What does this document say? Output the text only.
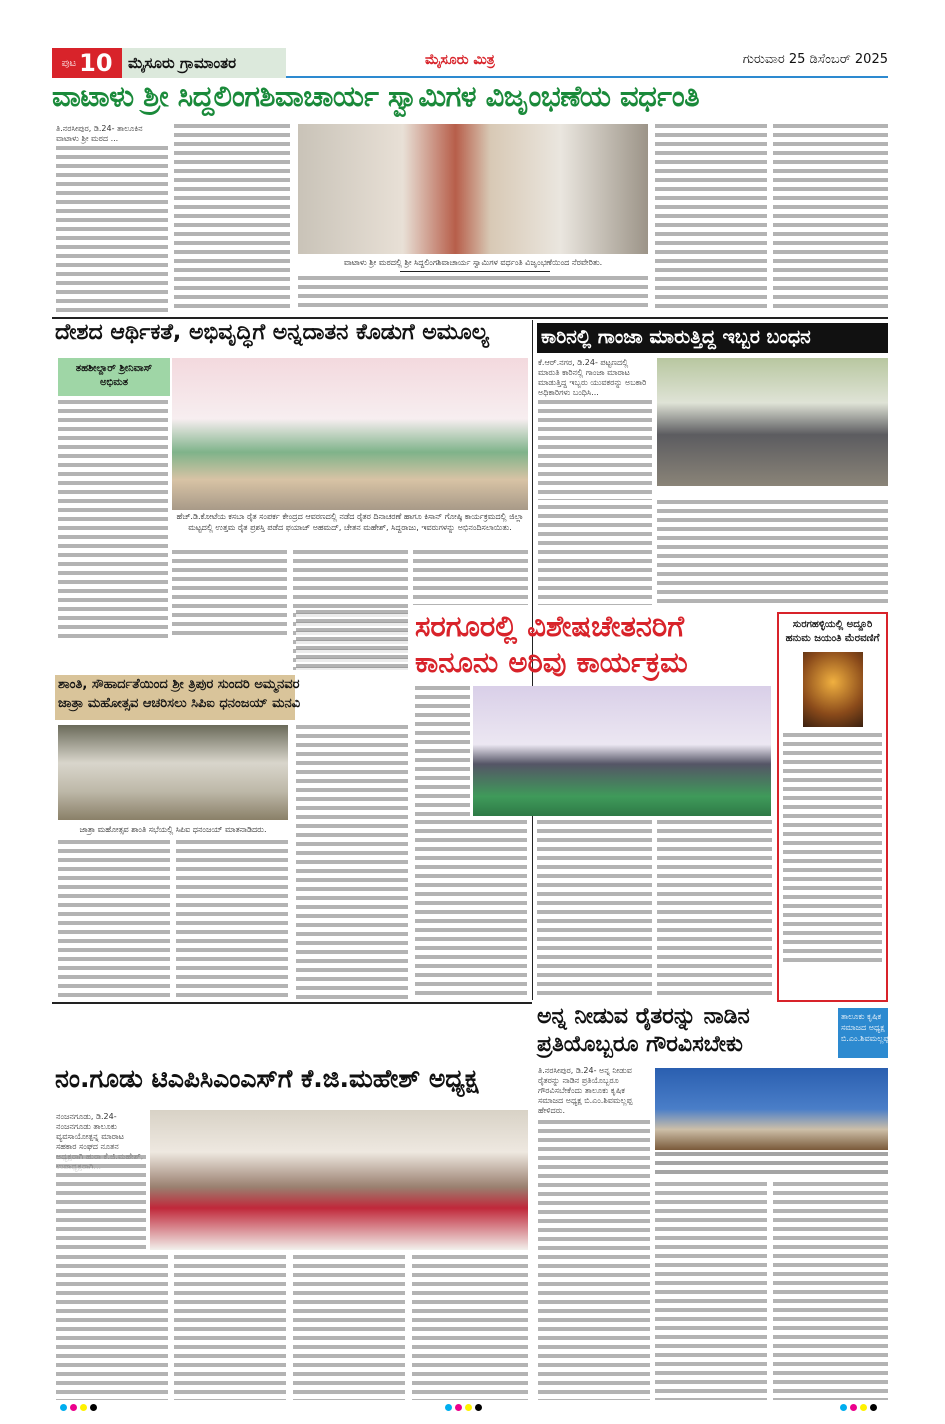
ಪುಟ 10	ಮೈಸೂರು ಗ್ರಾಮಾಂತರ	ಮೈಸೂರು ಮಿತ್ರ	ಗುರುವಾರ 25 ಡಿಸೆಂಬರ್ 2025
ವಾಟಾಳು ಶ್ರೀ ಸಿದ್ದಲಿಂಗಶಿವಾಚಾರ್ಯ ಸ್ವಾಮಿಗಳ ವಿಜೃಂಭಣೆಯ ವರ್ಧಂತಿ
ತಿ.ನರಸೀಪುರ, ಡಿ.24- ತಾಲೂಕಿನ ವಾಟಾಳು ಶ್ರೀ ಮಠದ ...
ವಾಟಾಳು ಶ್ರೀ ಮಠದಲ್ಲಿ ಶ್ರೀ ಸಿದ್ದಲಿಂಗಶಿವಾಚಾರ್ಯ ಸ್ವಾಮಿಗಳ ವರ್ಧಂತಿ ವಿಜೃಂಭಣೆಯಿಂದ ನೆರವೇರಿತು.
ದೇಶದ ಆರ್ಥಿಕತೆ, ಅಭಿವೃದ್ಧಿಗೆ ಅನ್ನದಾತನ ಕೊಡುಗೆ ಅಮೂಲ್ಯ
ತಹಶೀಲ್ದಾರ್ ಶ್ರೀನಿವಾಸ್ ಅಭಿಮತ
ಹೆಚ್.ಡಿ.ಕೋಟೆಯ ಕಸಬಾ ರೈತ ಸಂಪರ್ಕ ಕೇಂದ್ರದ ಆವರಣದಲ್ಲಿ ನಡೆದ ರೈತರ ದಿನಾಚರಣೆ ಹಾಗೂ ಕಿಸಾನ್ ಗೋಷ್ಠಿ ಕಾರ್ಯಕ್ರಮದಲ್ಲಿ ಜಿಲ್ಲಾ ಮಟ್ಟದಲ್ಲಿ ಉತ್ತಮ ರೈತ ಪ್ರಶಸ್ತಿ ಪಡೆದ ಫಯಾಜ್ ಅಹಮದ್, ಚೇತನ ಮಹೇಶ್, ಸಿದ್ದರಾಜು, ಇವರುಗಳನ್ನು ಅಭಿನಂದಿಸಲಾಯಿತು.
ಕಾರಿನಲ್ಲಿ ಗಾಂಜಾ ಮಾರುತ್ತಿದ್ದ ಇಬ್ಬರ ಬಂಧನ
ಕೆ.ಆರ್.ನಗರ, ಡಿ.24- ಪಟ್ಟಣದಲ್ಲಿ ಮಾರುತಿ ಕಾರಿನಲ್ಲಿ ಗಾಂಜಾ ಮಾರಾಟ ಮಾಡುತ್ತಿದ್ದ ಇಬ್ಬರು ಯುವಕರನ್ನು ಅಬಕಾರಿ ಅಧಿಕಾರಿಗಳು ಬಂಧಿಸಿ...
ಸರಗೂರಲ್ಲಿ ವಿಶೇಷಚೇತನರಿಗೆ
ಕಾನೂನು ಅರಿವು ಕಾರ್ಯಕ್ರಮ
ಸುರಗಹಳ್ಳಿಯಲ್ಲಿ ಅದ್ದೂರಿ ಹನುಮ ಜಯಂತಿ ಮೆರವಣಿಗೆ
ಶಾಂತಿ, ಸೌಹಾರ್ದತೆಯಿಂದ ಶ್ರೀ ತ್ರಿಪುರ ಸುಂದರಿ ಅಮ್ಮನವರ
ಜಾತ್ರಾ ಮಹೋತ್ಸವ ಆಚರಿಸಲು ಸಿಪಿಐ ಧನಂಜಯ್ ಮನವಿ
ಜಾತ್ರಾ ಮಹೋತ್ಸವ ಶಾಂತಿ ಸಭೆಯಲ್ಲಿ ಸಿಪಿಐ ಧನಂಜಯ್ ಮಾತನಾಡಿದರು.
ಅನ್ನ ನೀಡುವ ರೈತರನ್ನು ನಾಡಿನ
ಪ್ರತಿಯೊಬ್ಬರೂ ಗೌರವಿಸಬೇಕು
ತಾಲೂಕು ಕೃಷಿಕ ಸಮಾಜದ ಅಧ್ಯಕ್ಷ ಬಿ.ಎಂ.ಶಿವಮಲ್ಲಪ್ಪ
ತಿ.ನರಸೀಪುರ, ಡಿ.24- ಅನ್ನ ನೀಡುವ ರೈತರನ್ನು ನಾಡಿನ ಪ್ರತಿಯೊಬ್ಬರೂ ಗೌರವಿಸಬೇಕೆಂದು ತಾಲೂಕು ಕೃಷಿಕ ಸಮಾಜದ ಅಧ್ಯಕ್ಷ ಬಿ.ಎಂ.ಶಿವಮಲ್ಲಪ್ಪ ಹೇಳಿದರು.
ನಂ.ಗೂಡು ಟಿಎಪಿಸಿಎಂಎಸ್‌ಗೆ ಕೆ.ಜಿ.ಮಹೇಶ್ ಅಧ್ಯಕ್ಷ
ನಂಜನಗೂಡು, ಡಿ.24- ನಂಜನಗೂಡು ತಾಲೂಕು ವ್ಯವಸಾಯೋತ್ಪನ್ನ ಮಾರಾಟ ಸಹಕಾರ ಸಂಘದ ನೂತನ
